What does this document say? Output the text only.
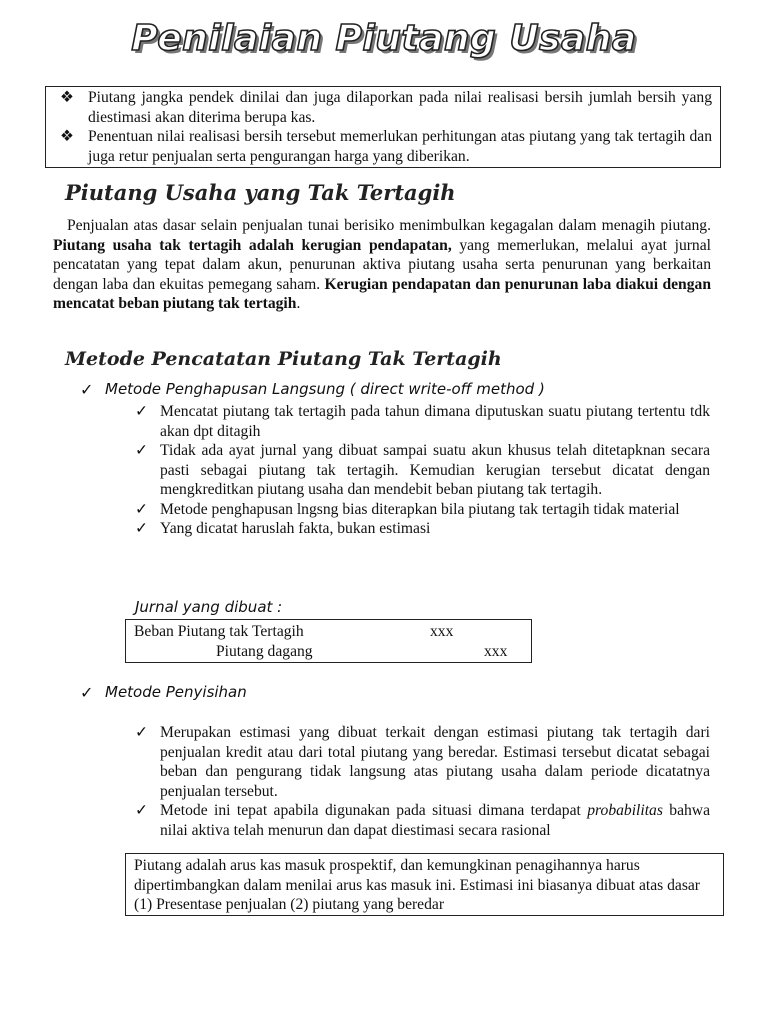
Penilaian Piutang Usaha
❖ Piutang jangka pendek dinilai dan juga dilaporkan pada nilai realisasi bersih jumlah bersih yang diestimasi akan diterima berupa kas.
❖ Penentuan nilai realisasi bersih tersebut memerlukan perhitungan atas piutang yang tak tertagih dan juga retur penjualan serta pengurangan harga yang diberikan.
Piutang Usaha yang Tak Tertagih
Penjualan atas dasar selain penjualan tunai berisiko menimbulkan kegagalan dalam menagih piutang. Piutang usaha tak tertagih adalah kerugian pendapatan, yang memerlukan, melalui ayat jurnal pencatatan yang tepat dalam akun, penurunan aktiva piutang usaha serta penurunan yang berkaitan dengan laba dan ekuitas pemegang saham. Kerugian pendapatan dan penurunan laba diakui dengan mencatat beban piutang tak tertagih.
Metode Pencatatan Piutang Tak Tertagih
✓ Metode Penghapusan Langsung ( direct write-off method )
✓ Mencatat piutang tak tertagih pada tahun dimana diputuskan suatu piutang tertentu tdk akan dpt ditagih
✓ Tidak ada ayat jurnal yang dibuat sampai suatu akun khusus telah ditetapknan secara pasti sebagai piutang tak tertagih. Kemudian kerugian tersebut dicatat dengan mengkreditkan piutang usaha dan mendebit beban piutang tak tertagih.
✓ Metode penghapusan lngsng bias diterapkan bila piutang tak tertagih tidak material
✓ Yang dicatat haruslah fakta, bukan estimasi
Jurnal yang dibuat :
Beban Piutang tak Tertagih	xxx
Piutang dagang	xxx
✓ Metode Penyisihan
✓ Merupakan estimasi yang dibuat terkait dengan estimasi piutang tak tertagih dari penjualan kredit atau dari total piutang yang beredar. Estimasi tersebut dicatat sebagai beban dan pengurang tidak langsung atas piutang usaha dalam periode dicatatnya penjualan tersebut.
✓ Metode ini tepat apabila digunakan pada situasi dimana terdapat probabilitas bahwa nilai aktiva telah menurun dan dapat diestimasi secara rasional
Piutang adalah arus kas masuk prospektif, dan kemungkinan penagihannya harus dipertimbangkan dalam menilai arus kas masuk ini. Estimasi ini biasanya dibuat atas dasar (1) Presentase penjualan (2) piutang yang beredar
